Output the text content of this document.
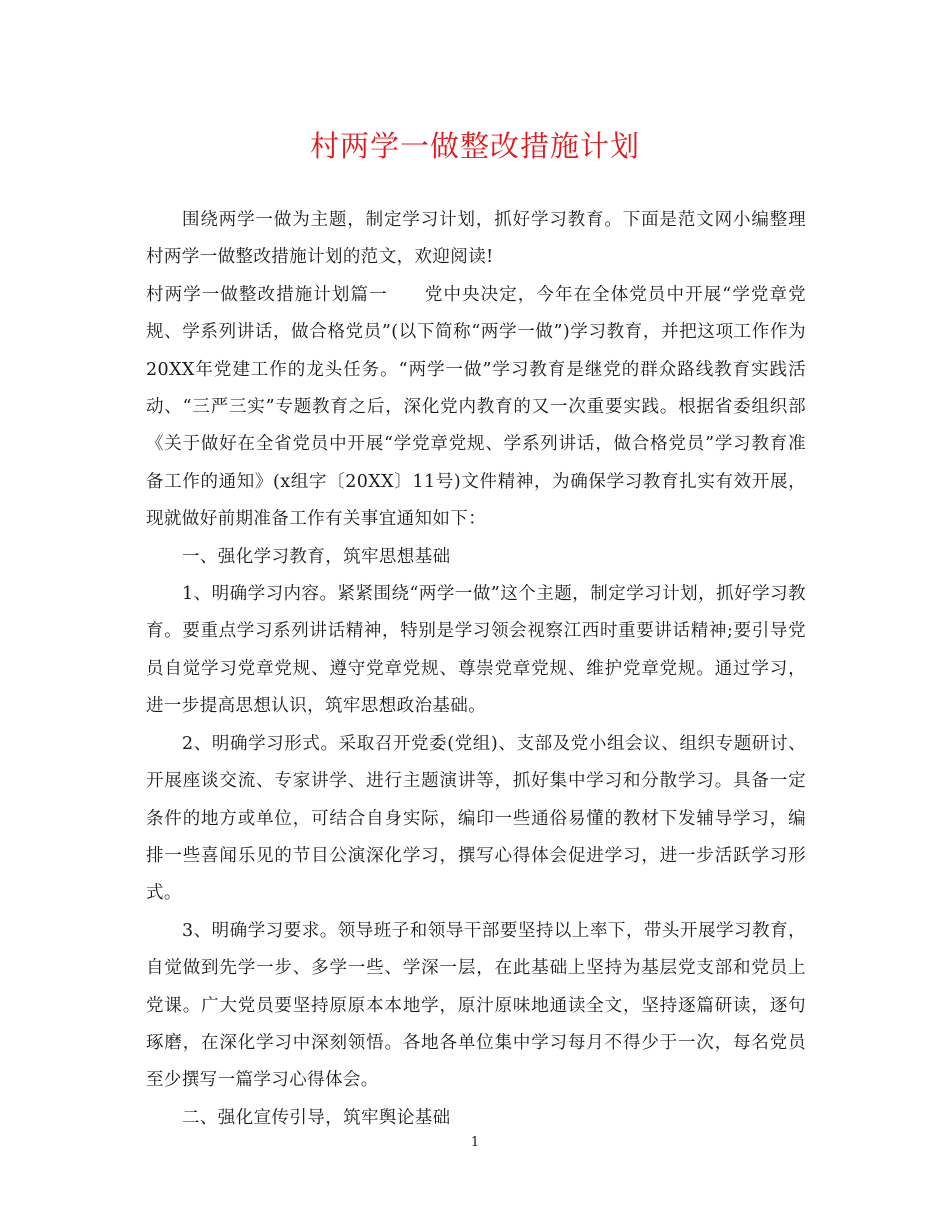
村两学一做整改措施计划

围绕两学一做为主题，制定学习计划，抓好学习教育。下面是范文网小编整理村两学一做整改措施计划的范文，欢迎阅读!

村两学一做整改措施计划篇一　　党中央决定，今年在全体党员中开展“学党章党规、学系列讲话，做合格党员”(以下简称“两学一做”)学习教育，并把这项工作作为20XX年党建工作的龙头任务。“两学一做”学习教育是继党的群众路线教育实践活动、“三严三实”专题教育之后，深化党内教育的又一次重要实践。根据省委组织部《关于做好在全省党员中开展“学党章党规、学系列讲话，做合格党员”学习教育准备工作的通知》(x组字〔20XX〕11号)文件精神，为确保学习教育扎实有效开展，现就做好前期准备工作有关事宜通知如下：

一、强化学习教育，筑牢思想基础

1、明确学习内容。紧紧围绕“两学一做”这个主题，制定学习计划，抓好学习教育。要重点学习系列讲话精神，特别是学习领会视察江西时重要讲话精神;要引导党员自觉学习党章党规、遵守党章党规、尊崇党章党规、维护党章党规。通过学习，进一步提高思想认识，筑牢思想政治基础。

2、明确学习形式。采取召开党委(党组)、支部及党小组会议、组织专题研讨、开展座谈交流、专家讲学、进行主题演讲等，抓好集中学习和分散学习。具备一定条件的地方或单位，可结合自身实际，编印一些通俗易懂的教材下发辅导学习，编排一些喜闻乐见的节目公演深化学习，撰写心得体会促进学习，进一步活跃学习形式。

3、明确学习要求。领导班子和领导干部要坚持以上率下，带头开展学习教育，自觉做到先学一步、多学一些、学深一层，在此基础上坚持为基层党支部和党员上党课。广大党员要坚持原原本本地学，原汁原味地通读全文，坚持逐篇研读，逐句琢磨，在深化学习中深刻领悟。各地各单位集中学习每月不得少于一次，每名党员至少撰写一篇学习心得体会。

二、强化宣传引导，筑牢舆论基础

1
